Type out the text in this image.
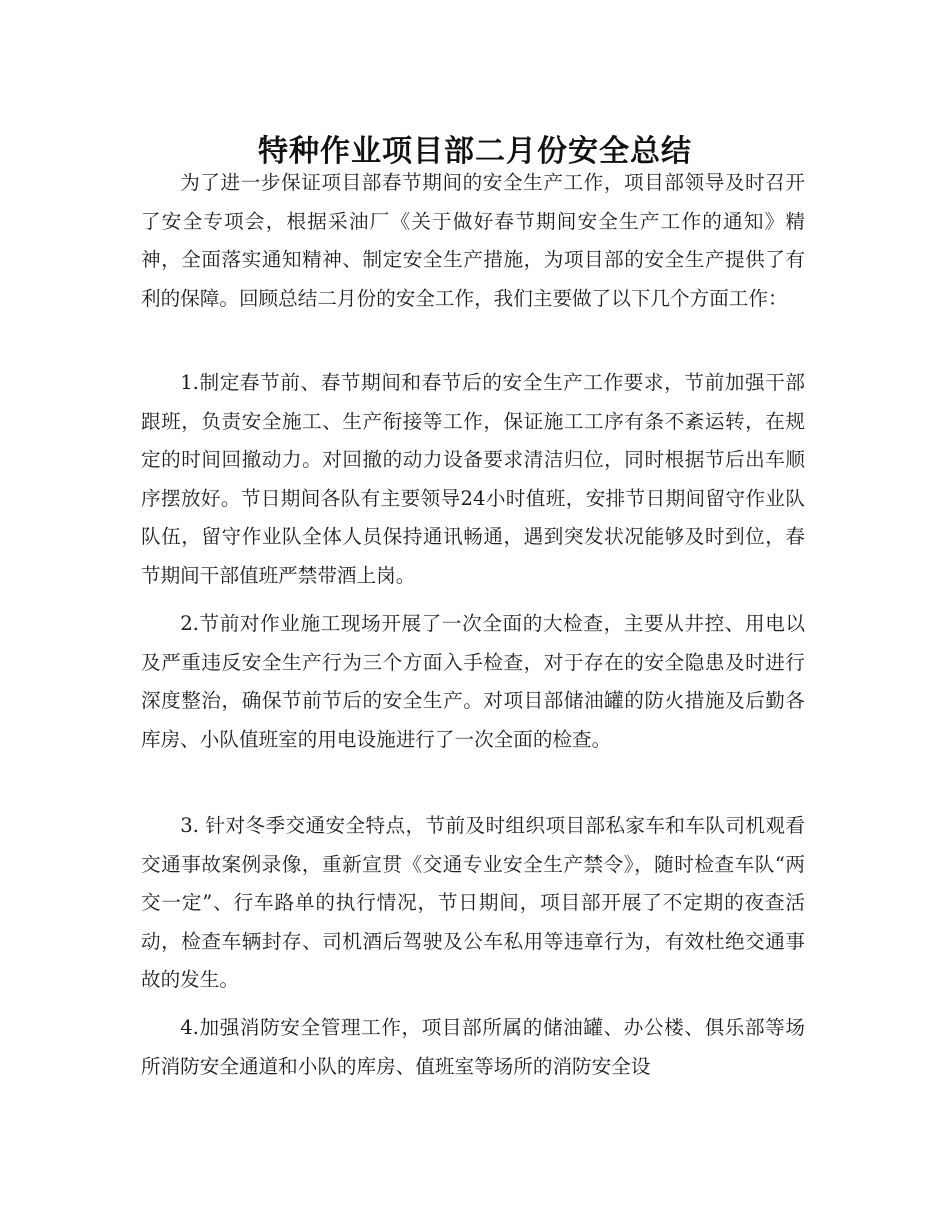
特种作业项目部二月份安全总结

为了进一步保证项目部春节期间的安全生产工作，项目部领导及时召开了安全专项会，根据采油厂《关于做好春节期间安全生产工作的通知》精神，全面落实通知精神、制定安全生产措施，为项目部的安全生产提供了有利的保障。回顾总结二月份的安全工作，我们主要做了以下几个方面工作：

1.制定春节前、春节期间和春节后的安全生产工作要求，节前加强干部跟班，负责安全施工、生产衔接等工作，保证施工工序有条不紊运转，在规定的时间回撤动力。对回撤的动力设备要求清洁归位，同时根据节后出车顺序摆放好。节日期间各队有主要领导24小时值班，安排节日期间留守作业队队伍，留守作业队全体人员保持通讯畅通，遇到突发状况能够及时到位，春节期间干部值班严禁带酒上岗。

2.节前对作业施工现场开展了一次全面的大检查，主要从井控、用电以及严重违反安全生产行为三个方面入手检查，对于存在的安全隐患及时进行深度整治，确保节前节后的安全生产。对项目部储油罐的防火措施及后勤各库房、小队值班室的用电设施进行了一次全面的检查。

3. 针对冬季交通安全特点，节前及时组织项目部私家车和车队司机观看交通事故案例录像，重新宣贯《交通专业安全生产禁令》，随时检查车队“两交一定”、行车路单的执行情况，节日期间，项目部开展了不定期的夜查活动，检查车辆封存、司机酒后驾驶及公车私用等违章行为，有效杜绝交通事故的发生。

4.加强消防安全管理工作，项目部所属的储油罐、办公楼、俱乐部等场所消防安全通道和小队的库房、值班室等场所的消防安全设
